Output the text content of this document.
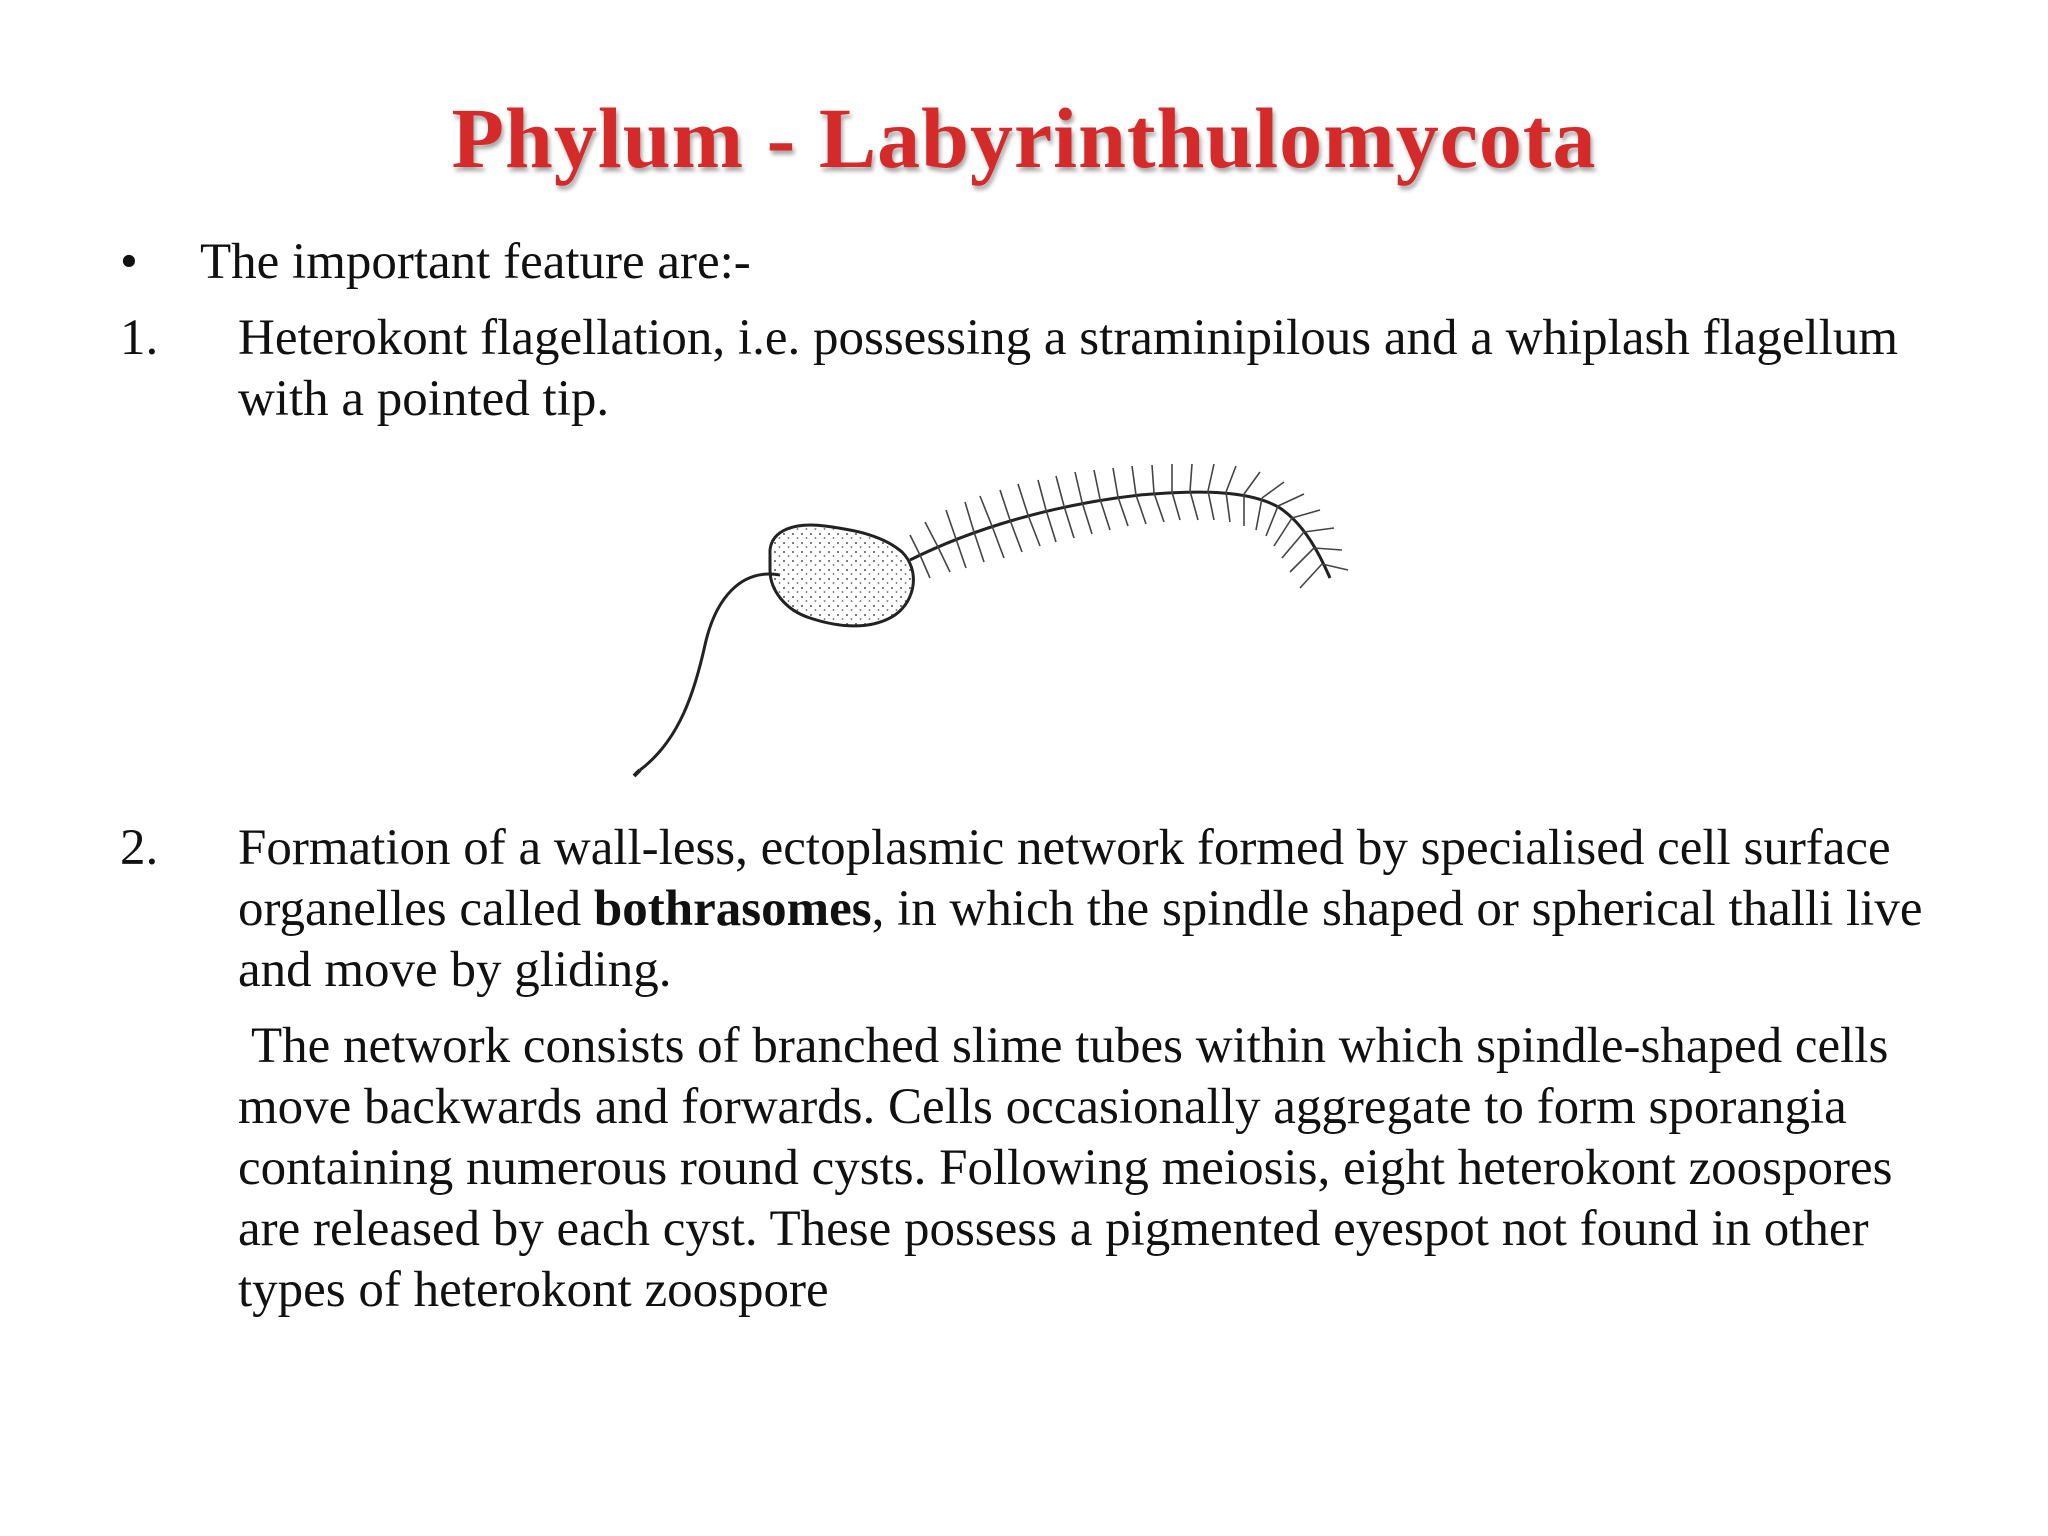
Phylum - Labyrinthulomycota
•	The important feature are:-
1.	Heterokont flagellation, i.e. possessing a straminipilous and a whiplash flagellum with a pointed tip.
2.	Formation of a wall-less, ectoplasmic network formed by specialised cell surface organelles called bothrasomes, in which the spindle shaped or spherical thalli live and move by gliding.
The network consists of branched slime tubes within which spindle-shaped cells move backwards and forwards. Cells occasionally aggregate to form sporangia containing numerous round cysts. Following meiosis, eight heterokont zoospores are released by each cyst. These possess a pigmented eyespot not found in other types of heterokont zoospore
